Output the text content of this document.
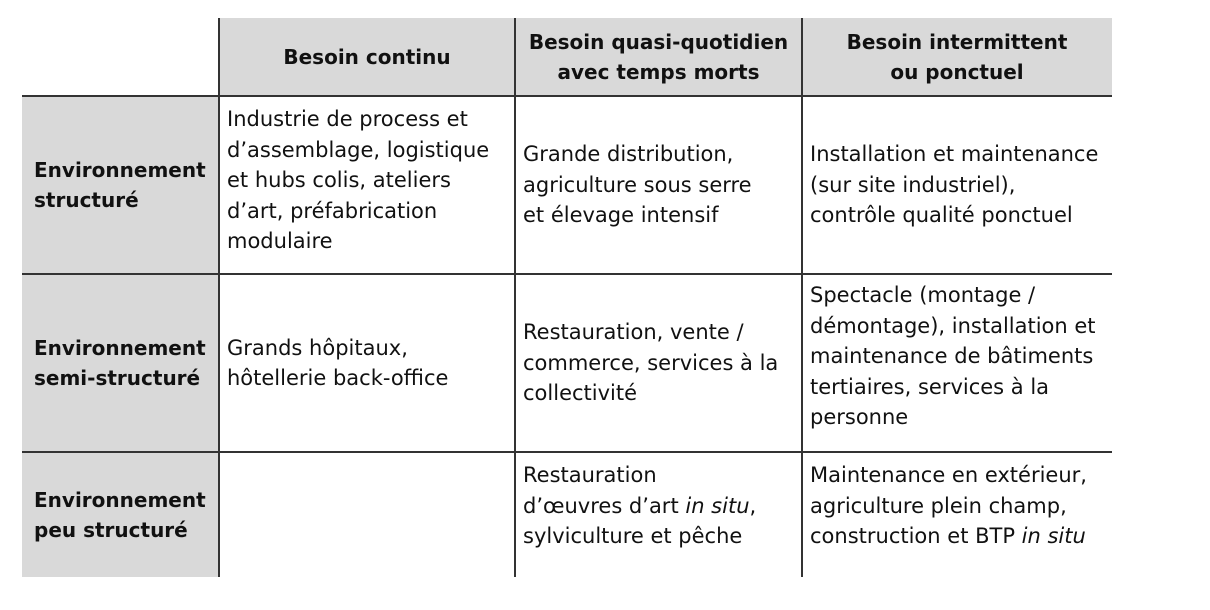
Besoin continu
Besoin quasi-quotidien
avec temps morts
Besoin intermittent
ou ponctuel
Environnement
structuré
Industrie de process et d’assemblage, logistique et hubs colis, ateliers d’art, préfabrication modulaire
Grande distribution, agriculture sous serre et élevage intensif
Installation et maintenance (sur site industriel), contrôle qualité ponctuel
Environnement
semi-structuré
Grands hôpitaux, hôtellerie back-office
Restauration, vente / commerce, services à la collectivité
Spectacle (montage / démontage), installation et maintenance de bâtiments tertiaires, services à la personne
Environnement
peu structuré
Restauration d’œuvres d’art in situ, sylviculture et pêche
Maintenance en extérieur, agriculture plein champ, construction et BTP in situ
